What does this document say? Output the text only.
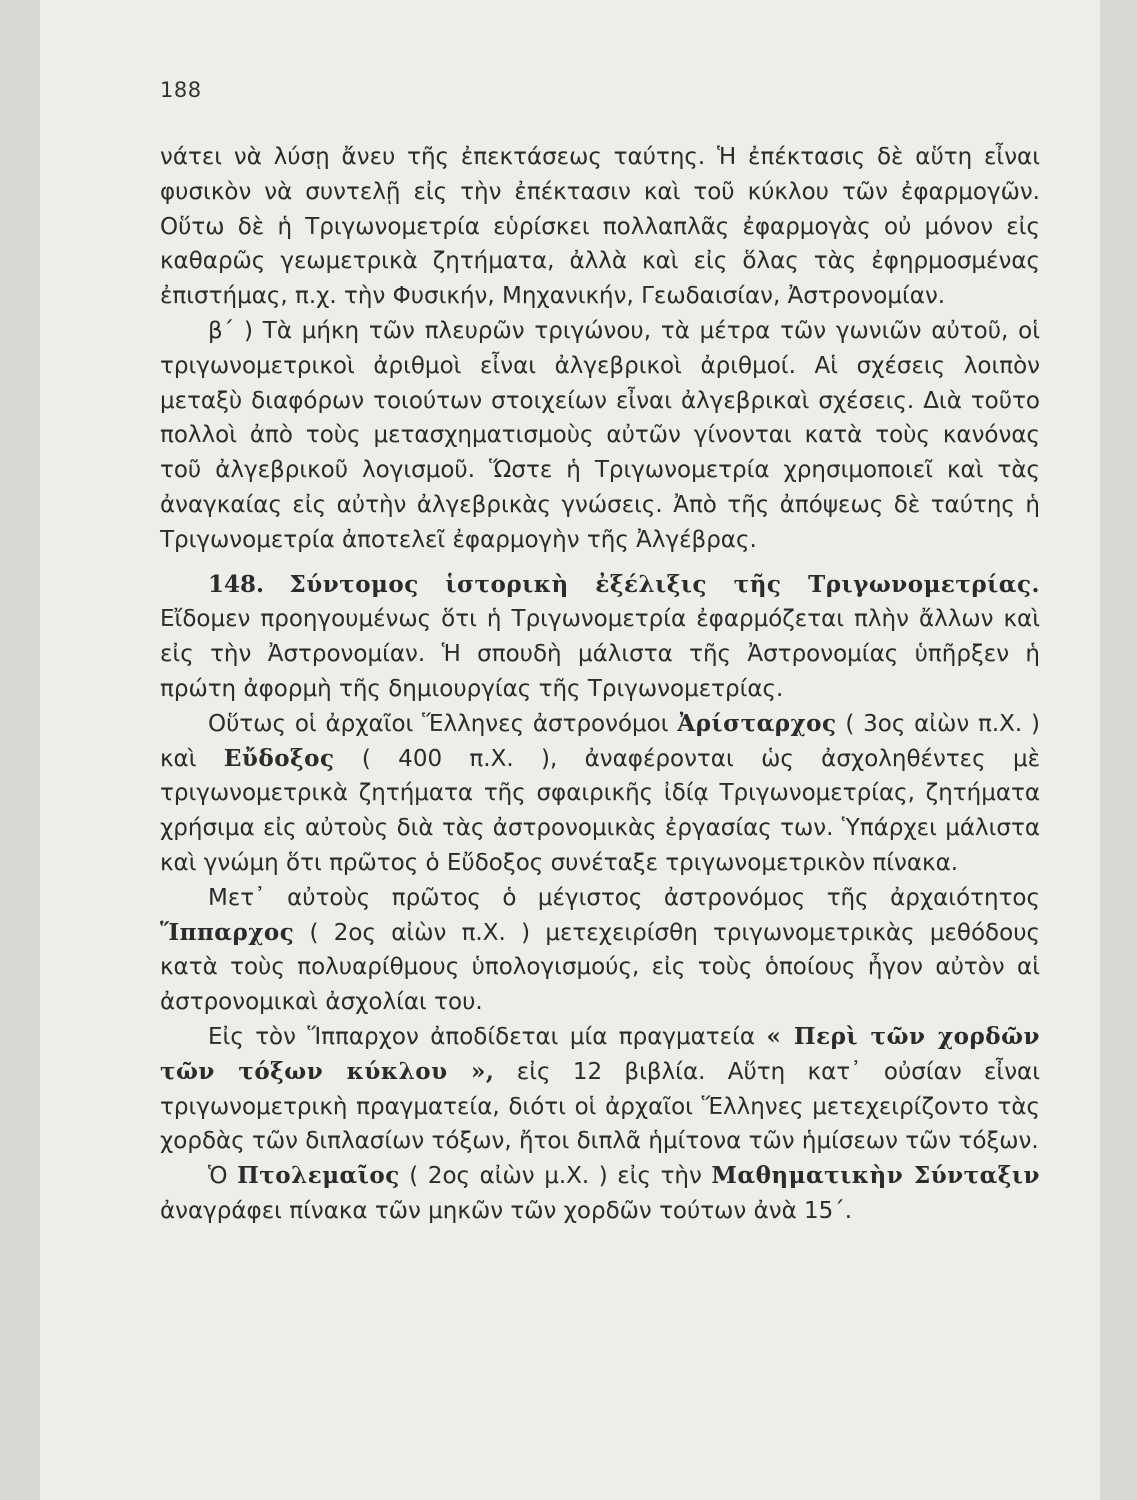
188

νάτει νὰ λύσῃ ἄνευ τῆς ἐπεκτάσεως ταύτης. Ἡ ἐπέκτασις δὲ αὕτη εἶναι φυσικὸν νὰ συντελῇ εἰς τὴν ἐπέκτασιν καὶ τοῦ κύκλου τῶν ἐφαρμογῶν. Οὕτω δὲ ἡ Τριγωνομετρία εὑρίσκει πολλαπλᾶς ἐφαρμογὰς οὐ μόνον εἰς καθαρῶς γεωμετρικὰ ζητήματα, ἀλλὰ καὶ εἰς ὅλας τὰς ἐφηρμοσμένας ἐπιστήμας, π.χ. τὴν Φυσικήν, Μηχανικήν, Γεωδαισίαν, Ἀστρονομίαν.

β΄ ) Τὰ μήκη τῶν πλευρῶν τριγώνου, τὰ μέτρα τῶν γωνιῶν αὐτοῦ, οἱ τριγωνομετρικοὶ ἀριθμοὶ εἶναι ἀλγεβρικοὶ ἀριθμοί. Αἱ σχέσεις λοιπὸν μεταξὺ διαφόρων τοιούτων στοιχείων εἶναι ἀλγεβρικαὶ σχέσεις. Διὰ τοῦτο πολλοὶ ἀπὸ τοὺς μετασχηματισμοὺς αὐτῶν γίνονται κατὰ τοὺς κανόνας τοῦ ἀλγεβρικοῦ λογισμοῦ. Ὥστε ἡ Τριγωνομετρία χρησιμοποιεῖ καὶ τὰς ἀναγκαίας εἰς αὐτὴν ἀλγεβρικὰς γνώσεις. Ἀπὸ τῆς ἀπόψεως δὲ ταύτης ἡ Τριγωνομετρία ἀποτελεῖ ἐφαρμογὴν τῆς Ἀλγέβρας.

148. Σύντομος ἱστορικὴ ἐξέλιξις τῆς Τριγωνομετρίας. Εἴδομεν προηγουμένως ὅτι ἡ Τριγωνομετρία ἐφαρμόζεται πλὴν ἄλλων καὶ εἰς τὴν Ἀστρονομίαν. Ἡ σπουδὴ μάλιστα τῆς Ἀστρονομίας ὑπῆρξεν ἡ πρώτη ἀφορμὴ τῆς δημιουργίας τῆς Τριγωνομετρίας.

Οὕτως οἱ ἀρχαῖοι Ἕλληνες ἀστρονόμοι Ἀρίσταρχος ( 3ος αἰὼν π.Χ. ) καὶ Εὔδοξος ( 400 π.Χ. ), ἀναφέρονται ὡς ἀσχοληθέντες μὲ τριγωνομετρικὰ ζητήματα τῆς σφαιρικῆς ἰδίᾳ Τριγωνομετρίας, ζητήματα χρήσιμα εἰς αὐτοὺς διὰ τὰς ἀστρονομικὰς ἐργασίας των. Ὑπάρχει μάλιστα καὶ γνώμη ὅτι πρῶτος ὁ Εὔδοξος συνέταξε τριγωνομετρικὸν πίνακα.

Μετ᾽ αὐτοὺς πρῶτος ὁ μέγιστος ἀστρονόμος τῆς ἀρχαιότητος Ἵππαρχος ( 2ος αἰὼν π.Χ. ) μετεχειρίσθη τριγωνομετρικὰς μεθόδους κατὰ τοὺς πολυαρίθμους ὑπολογισμούς, εἰς τοὺς ὁποίους ἦγον αὐτὸν αἱ ἀστρονομικαὶ ἀσχολίαι του.

Εἰς τὸν Ἵππαρχον ἀποδίδεται μία πραγματεία « Περὶ τῶν χορδῶν τῶν τόξων κύκλου », εἰς 12 βιβλία. Αὕτη κατ᾽ οὐσίαν εἶναι τριγωνομετρικὴ πραγματεία, διότι οἱ ἀρχαῖοι Ἕλληνες μετεχειρίζοντο τὰς χορδὰς τῶν διπλασίων τόξων, ἤτοι διπλᾶ ἡμίτονα τῶν ἡμίσεων τῶν τόξων.

Ὁ Πτολεμαῖος ( 2ος αἰὼν μ.Χ. ) εἰς τὴν Μαθηματικὴν Σύνταξιν ἀναγράφει πίνακα τῶν μηκῶν τῶν χορδῶν τούτων ἀνὰ 15΄.
